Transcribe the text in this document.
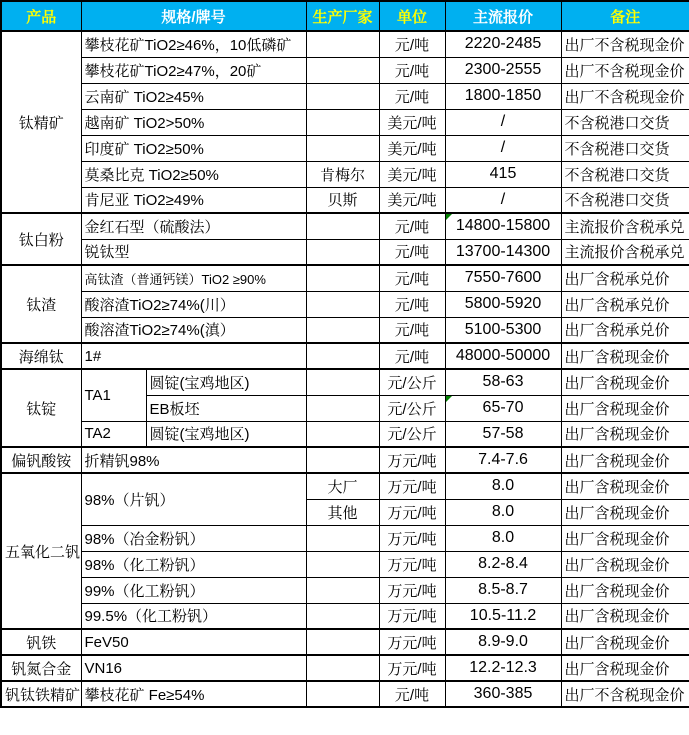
产品	规格/牌号		生产厂家	单位	主流报价	备注
钛精矿	攀枝花矿TiO2≥46%，10低磷矿			元/吨	2220-2485	出厂不含税现金价
	攀枝花矿TiO2≥47%，20矿			元/吨	2300-2555	出厂不含税现金价
	云南矿 TiO2≥45%			元/吨	1800-1850	出厂不含税现金价
	越南矿 TiO2>50%			美元/吨	/	不含税港口交货
	印度矿 TiO2≥50%			美元/吨	/	不含税港口交货
	莫桑比克 TiO2≥50%		肯梅尔	美元/吨	415	不含税港口交货
	肯尼亚 TiO2≥49%		贝斯	美元/吨	/	不含税港口交货
钛白粉	金红石型（硫酸法）			元/吨	14800-15800	主流报价含税承兑
	锐钛型			元/吨	13700-14300	主流报价含税承兑
钛渣	高钛渣（普通钙镁）TiO2 ≥90%			元/吨	7550-7600	出厂含税承兑价
	酸溶渣TiO2≥74%(川）			元/吨	5800-5920	出厂含税承兑价
	酸溶渣TiO2≥74%(滇）			元/吨	5100-5300	出厂含税承兑价
海绵钛	1#			元/吨	48000-50000	出厂含税现金价
钛锭	TA1	圆锭(宝鸡地区)		元/公斤	58-63	出厂含税现金价
		EB板坯		元/公斤	65-70	出厂含税现金价
	TA2	圆锭(宝鸡地区)		元/公斤	57-58	出厂含税现金价
偏钒酸铵	折精钒98%			万元/吨	7.4-7.6	出厂含税现金价
五氧化二钒	98%（片钒）		大厂	万元/吨	8.0	出厂含税现金价
			其他	万元/吨	8.0	出厂含税现金价
	98%（冶金粉钒）			万元/吨	8.0	出厂含税现金价
	98%（化工粉钒）			万元/吨	8.2-8.4	出厂含税现金价
	99%（化工粉钒）			万元/吨	8.5-8.7	出厂含税现金价
	99.5%（化工粉钒）			万元/吨	10.5-11.2	出厂含税现金价
钒铁	FeV50			万元/吨	8.9-9.0	出厂含税现金价
钒氮合金	VN16			万元/吨	12.2-12.3	出厂含税现金价
钒钛铁精矿	攀枝花矿 Fe≥54%			元/吨	360-385	出厂不含税现金价
